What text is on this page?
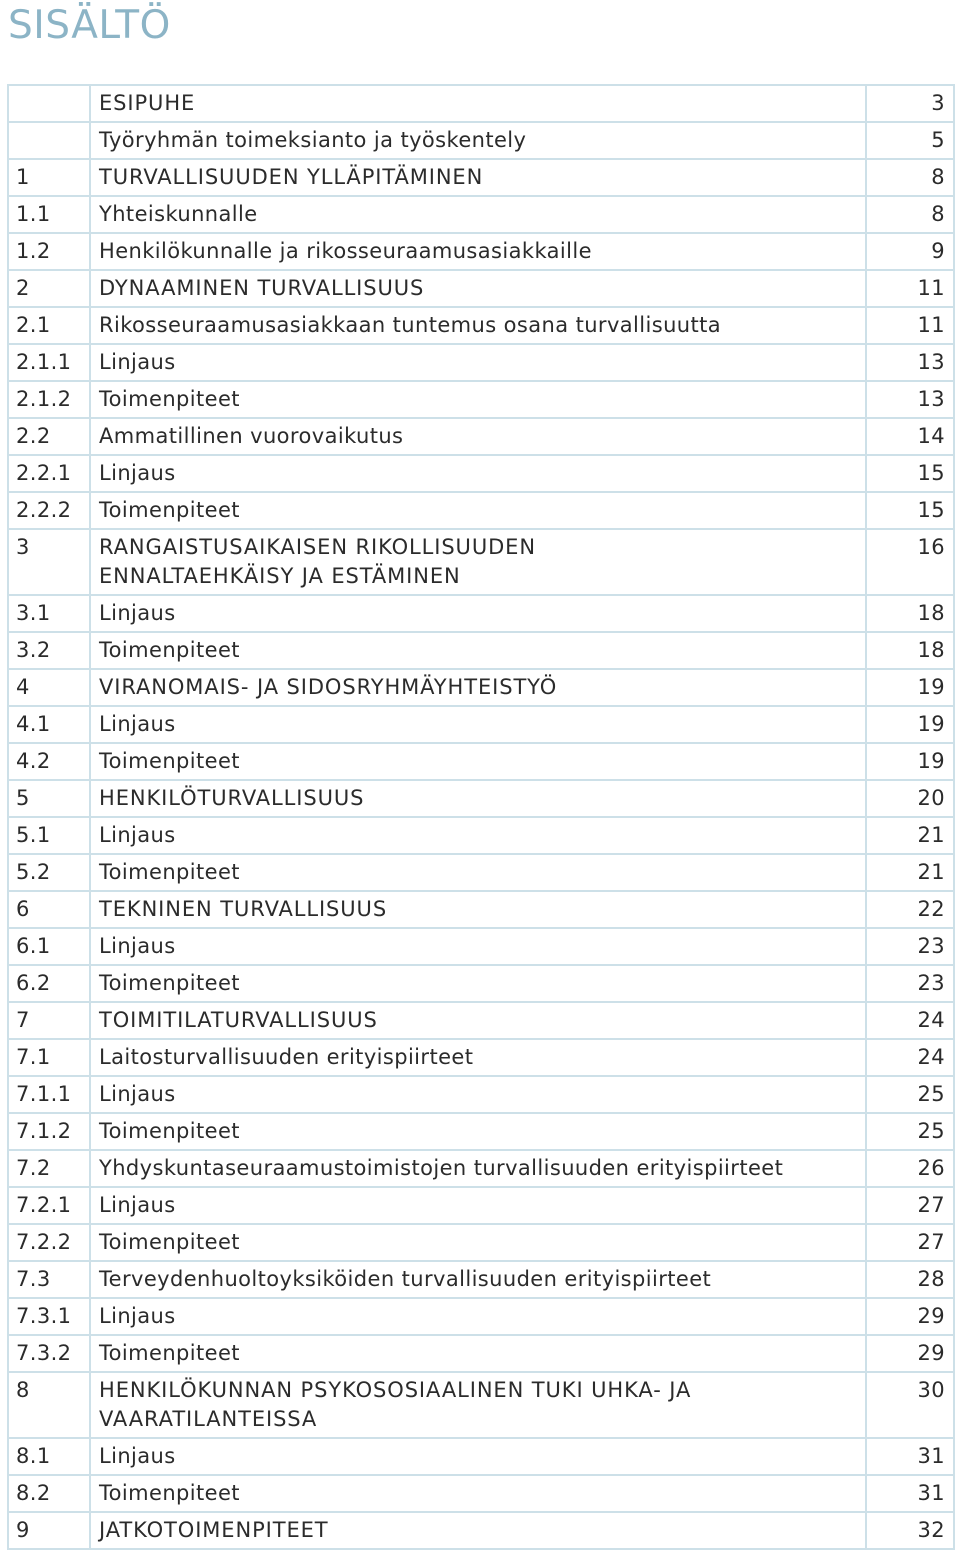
SISÄLTÖ
	ESIPUHE	3
	Työryhmän toimeksianto ja työskentely	5
1	TURVALLISUUDEN YLLÄPITÄMINEN	8
1.1	Yhteiskunnalle	8
1.2	Henkilökunnalle ja rikosseuraamusasiakkaille	9
2	DYNAAMINEN TURVALLISUUS	11
2.1	Rikosseuraamusasiakkaan tuntemus osana turvallisuutta	11
2.1.1	Linjaus	13
2.1.2	Toimenpiteet	13
2.2	Ammatillinen vuorovaikutus	14
2.2.1	Linjaus	15
2.2.2	Toimenpiteet	15
3	RANGAISTUSAIKAISEN RIKOLLISUUDEN
ENNALTAEHKÄISY JA ESTÄMINEN	16
3.1	Linjaus	18
3.2	Toimenpiteet	18
4	VIRANOMAIS- JA SIDOSRYHMÄYHTEISTYÖ	19
4.1	Linjaus	19
4.2	Toimenpiteet	19
5	HENKILÖTURVALLISUUS	20
5.1	Linjaus	21
5.2	Toimenpiteet	21
6	TEKNINEN TURVALLISUUS	22
6.1	Linjaus	23
6.2	Toimenpiteet	23
7	TOIMITILATURVALLISUUS	24
7.1	Laitosturvallisuuden erityispiirteet	24
7.1.1	Linjaus	25
7.1.2	Toimenpiteet	25
7.2	Yhdyskuntaseuraamustoimistojen turvallisuuden erityispiirteet	26
7.2.1	Linjaus	27
7.2.2	Toimenpiteet	27
7.3	Terveydenhuoltoyksiköiden turvallisuuden erityispiirteet	28
7.3.1	Linjaus	29
7.3.2	Toimenpiteet	29
8	HENKILÖKUNNAN PSYKOSOSIAALINEN TUKI UHKA- JA
VAARATILANTEISSA	30
8.1	Linjaus	31
8.2	Toimenpiteet	31
9	JATKOTOIMENPITEET	32
